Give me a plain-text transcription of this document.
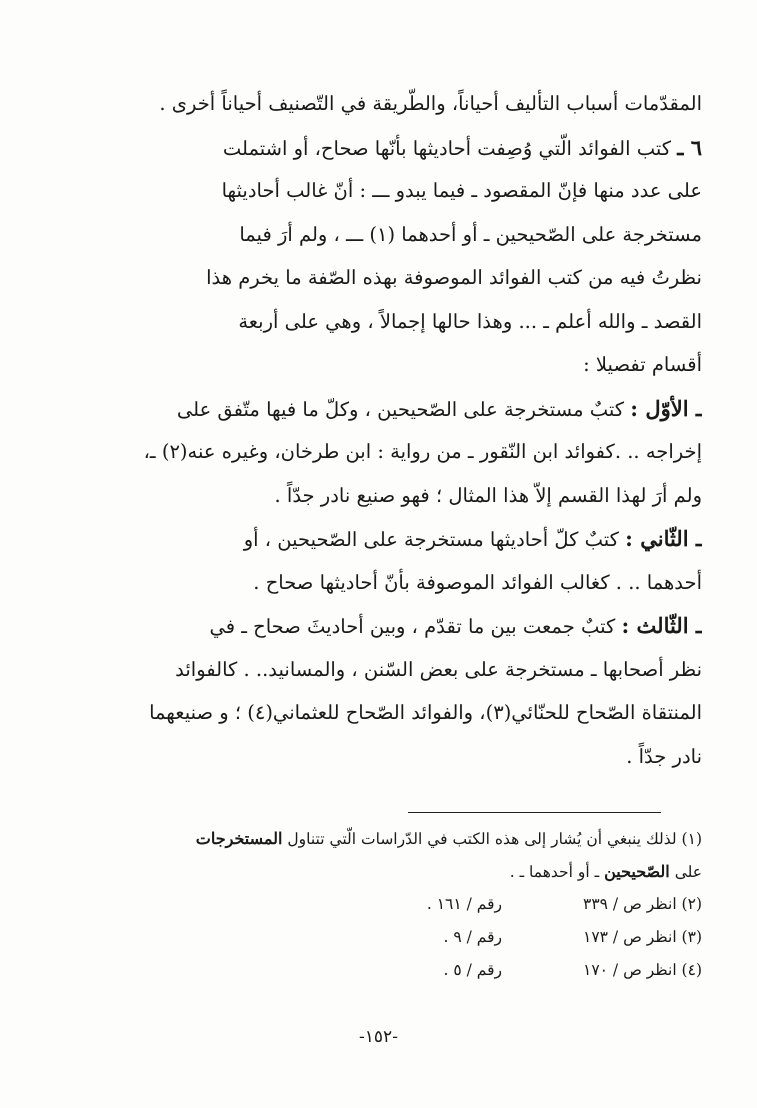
المقدّمات أسباب التأليف أحياناً، والطّريقة في التّصنيف أحياناً أخرى .
٦ ـ كتب الفوائد الّتي وُصِفت أحاديثها بأنّها صحاح، أو اشتملت
على عدد منها فإنّ المقصود ـ فيما يبدو ـــ : أنّ غالب أحاديثها
مستخرجة على الصّحيحين ـ أو أحدهما (١) ـــ ، ولم أرَ فيما
نظرتُ فيه من كتب الفوائد الموصوفة بهذه الصّفة ما يخرم هذا
القصد ـ والله أعلم ـ ... وهذا حالها إجمالاً ، وهي على أربعة
أقسام تفصيلا :
ـ الأوّل : كتبٌ مستخرجة على الصّحيحين ، وكلّ ما فيها متّفق على
إخراجه .. .كفوائد ابن النّقور ـ من رواية : ابن طرخان، وغيره عنه(٢) ـ،
ولم أرَ لهذا القسم إلاّ هذا المثال ؛ فهو صنيع نادر جدّاً .
ـ الثّاني : كتبٌ كلّ أحاديثها مستخرجة على الصّحيحين ، أو
أحدهما .. . كغالب الفوائد الموصوفة بأنّ أحاديثها صحاح .
ـ الثّالث : كتبٌ جمعت بين ما تقدّم ، وبين أحاديثَ صحاح ـ في
نظر أصحابها ـ مستخرجة على بعض السّنن ، والمسانيد.. . كالفوائد
المنتقاة الصّحاح للحنّائي(٣)، والفوائد الصّحاح للعثماني(٤) ؛ و صنيعهما
نادر جدّاً .
(١) لذلك ينبغي أن يُشار إلى هذه الكتب في الدّراسات الّتي تتناول المستخرجات
على الصّحيحين ـ أو أحدهما ـ .
(٢) انظر ص / ٣٣٩
رقم / ١٦١ .
(٣) انظر ص / ١٧٣
رقم / ٩ .
(٤) انظر ص / ١٧٠
رقم / ٥ .
-١٥٢-
